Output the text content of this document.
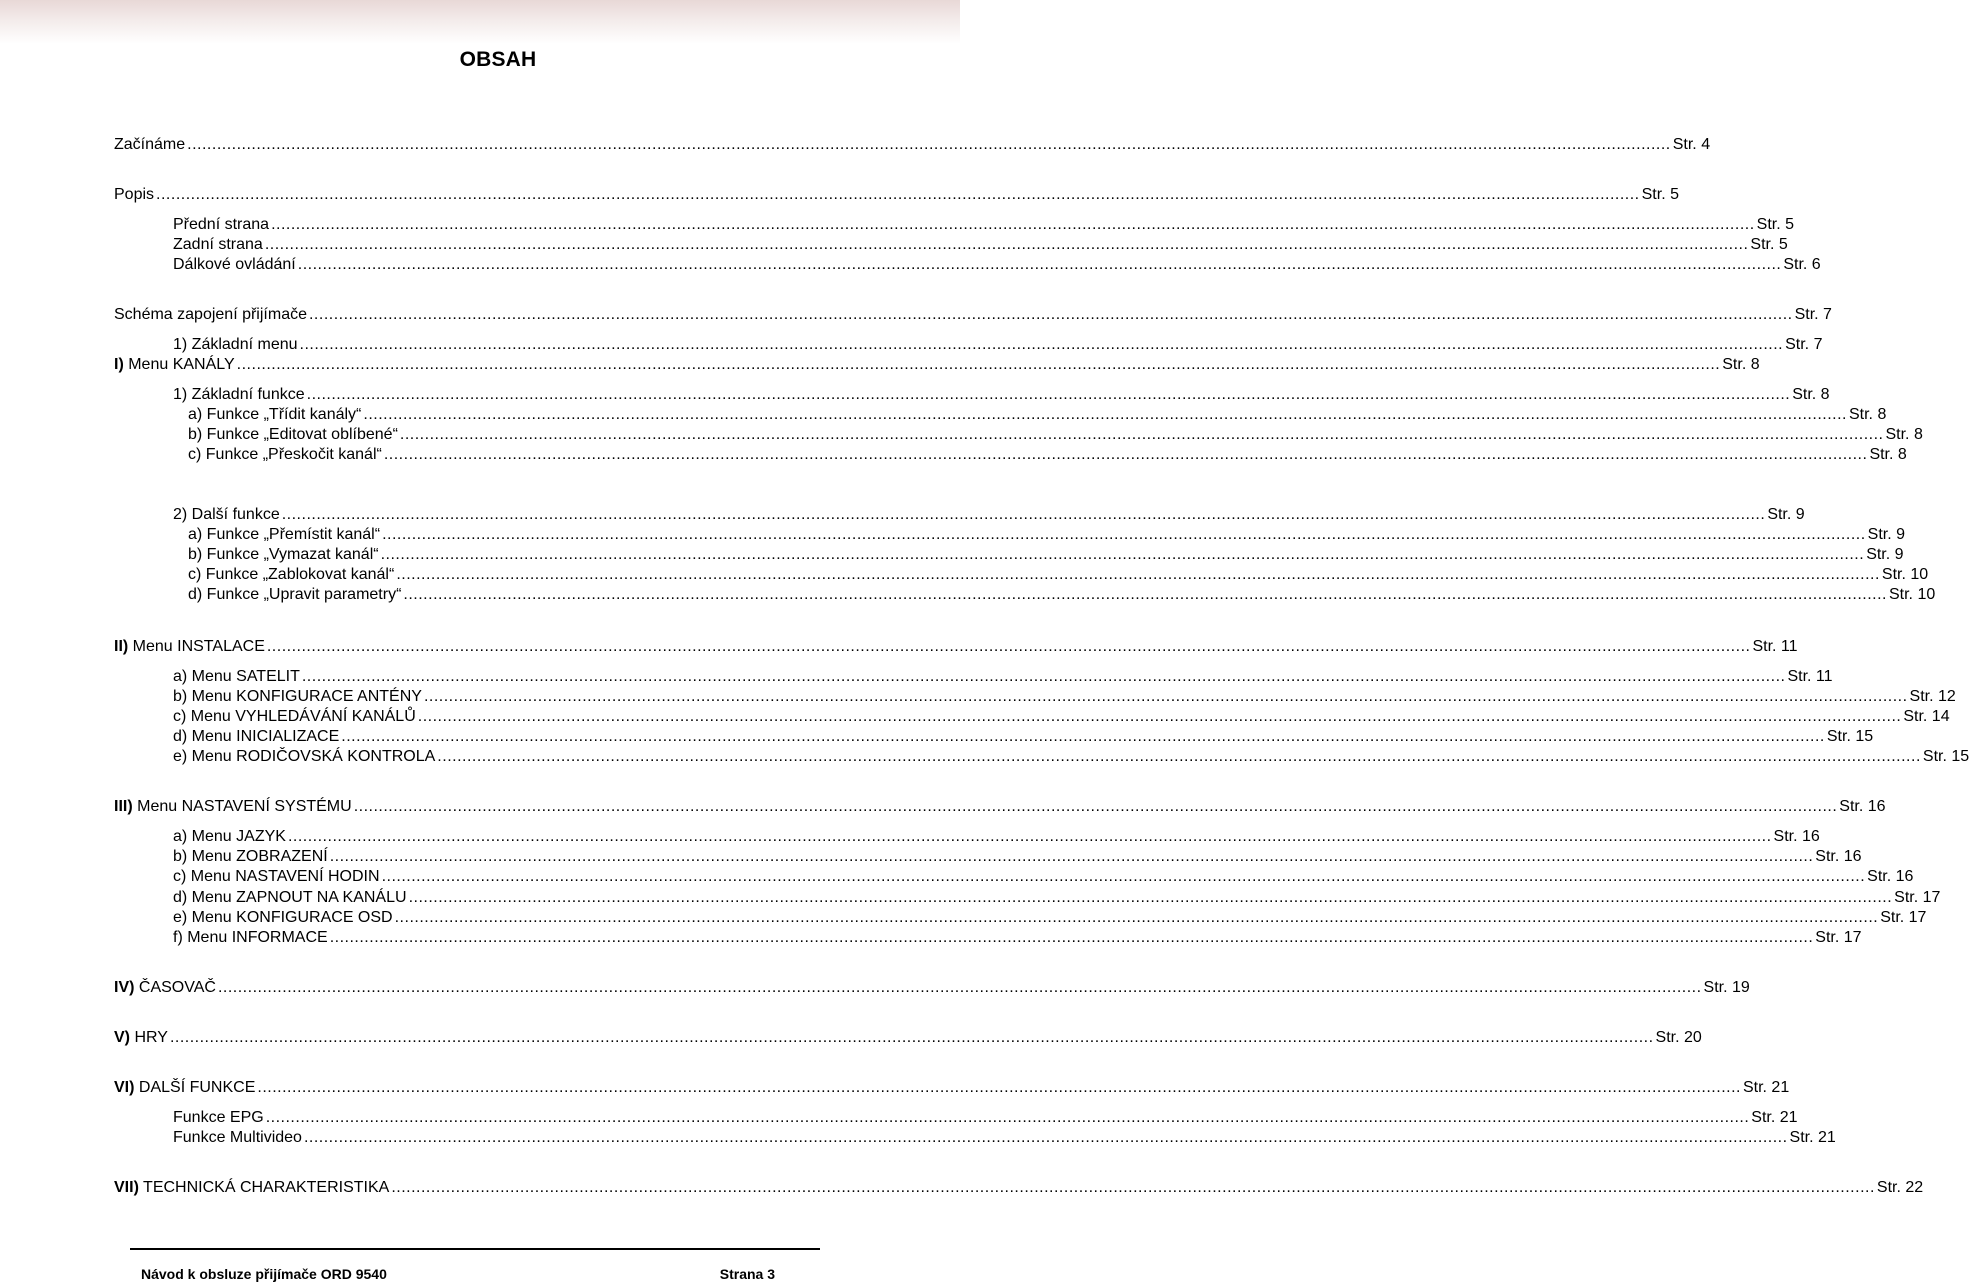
OBSAH
Začínáme ............................................................................................................................................................................................................................................................................................................ Str. 4
Popis ............................................................................................................................................................................................................................................................................................................ Str. 5
Přední strana ............................................................................................................................................................................................................................................................................................................ Str. 5
Zadní strana ............................................................................................................................................................................................................................................................................................................ Str. 5
Dálkové ovládání ............................................................................................................................................................................................................................................................................................................ Str. 6
Schéma zapojení přijímače ............................................................................................................................................................................................................................................................................................................ Str. 7
1) Základní menu ............................................................................................................................................................................................................................................................................................................ Str. 7
I) Menu KANÁLY ............................................................................................................................................................................................................................................................................................................ Str. 8
1) Základní funkce ............................................................................................................................................................................................................................................................................................................ Str. 8
a) Funkce „Třídit kanály“ ............................................................................................................................................................................................................................................................................................................ Str. 8
b) Funkce „Editovat oblíbené“ ............................................................................................................................................................................................................................................................................................................ Str. 8
c) Funkce „Přeskočit kanál“ ............................................................................................................................................................................................................................................................................................................ Str. 8
2) Další funkce ............................................................................................................................................................................................................................................................................................................ Str. 9
a) Funkce „Přemístit kanál“ ............................................................................................................................................................................................................................................................................................................ Str. 9
b) Funkce „Vymazat kanál“ ............................................................................................................................................................................................................................................................................................................ Str. 9
c) Funkce „Zablokovat kanál“ ............................................................................................................................................................................................................................................................................................................ Str. 10
d) Funkce „Upravit parametry“ ............................................................................................................................................................................................................................................................................................................ Str. 10
II) Menu INSTALACE ............................................................................................................................................................................................................................................................................................................ Str. 11
a) Menu SATELIT ............................................................................................................................................................................................................................................................................................................ Str. 11
b) Menu KONFIGURACE ANTÉNY ............................................................................................................................................................................................................................................................................................................ Str. 12
c) Menu VYHLEDÁVÁNÍ KANÁLŮ ............................................................................................................................................................................................................................................................................................................ Str. 14
d) Menu INICIALIZACE ............................................................................................................................................................................................................................................................................................................ Str. 15
e) Menu RODIČOVSKÁ KONTROLA ............................................................................................................................................................................................................................................................................................................ Str. 15
III) Menu NASTAVENÍ SYSTÉMU ............................................................................................................................................................................................................................................................................................................ Str. 16
a) Menu JAZYK ............................................................................................................................................................................................................................................................................................................ Str. 16
b) Menu ZOBRAZENÍ ............................................................................................................................................................................................................................................................................................................ Str. 16
c) Menu NASTAVENÍ HODIN ............................................................................................................................................................................................................................................................................................................ Str. 16
d) Menu ZAPNOUT NA KANÁLU ............................................................................................................................................................................................................................................................................................................ Str. 17
e) Menu KONFIGURACE OSD ............................................................................................................................................................................................................................................................................................................ Str. 17
f) Menu INFORMACE ............................................................................................................................................................................................................................................................................................................ Str. 17
IV) ČASOVAČ ............................................................................................................................................................................................................................................................................................................ Str. 19
V) HRY ............................................................................................................................................................................................................................................................................................................ Str. 20
VI) DALŠÍ FUNKCE ............................................................................................................................................................................................................................................................................................................ Str. 21
Funkce EPG ............................................................................................................................................................................................................................................................................................................ Str. 21
Funkce Multivideo ............................................................................................................................................................................................................................................................................................................ Str. 21
VII) TECHNICKÁ CHARAKTERISTIKA ............................................................................................................................................................................................................................................................................................................ Str. 22
Návod k obsluze přijímače ORD 9540	Strana 3
